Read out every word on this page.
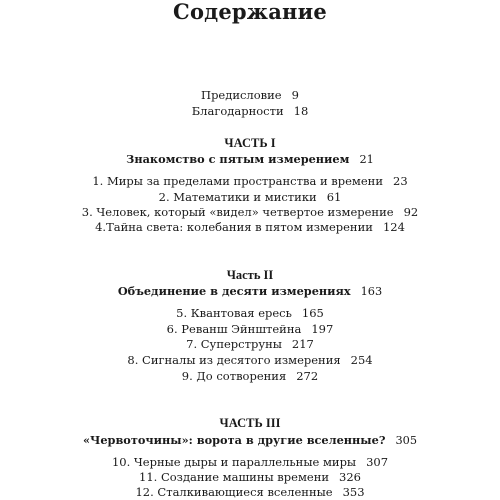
Содержание
Предисловие 9
Благодарности 18
ЧАСТЬ I
Знакомство с пятым измерением 21
1. Миры за пределами пространства и времени 23
2. Математики и мистики 61
3. Человек, который «видел» четвертое измерение 92
4.Тайна света: колебания в пятом измерении 124
Часть II
Объединение в десяти измерениях 163
5. Квантовая ересь 165
6. Реванш Эйнштейна 197
7. Суперструны 217
8. Сигналы из десятого измерения 254
9. До сотворения 272
ЧАСТЬ III
«Червоточины»: ворота в другие вселенные? 305
10. Черные дыры и параллельные миры 307
11. Создание машины времени 326
12. Сталкивающиеся вселенные 353
